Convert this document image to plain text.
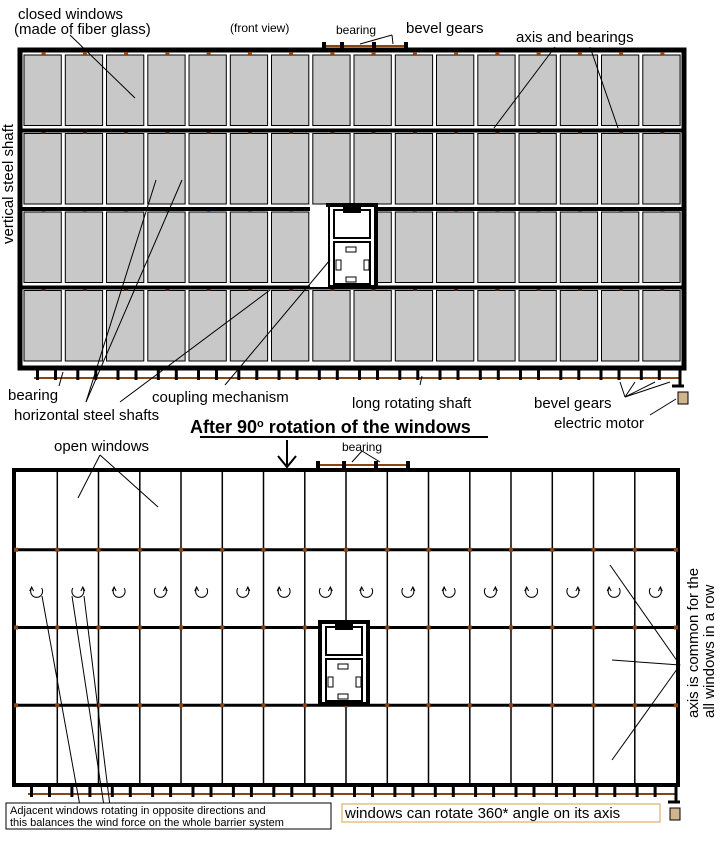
closed windows
(made of fiber glass)	(front view)	bearing bevel gears
axis and bearings
vertical steel shaft
bearing
horizontal steel shafts
coupling mechanism	long rotating shaft	bevel gears
electric motor
After 90$^o$ rotation of the windows
open windows	bearing
axis is common for the all windows in a row
Adjacent windows rotating in opposite directions and
this balances the wind force on the whole barrier system
windows can rotate 360* angle on its axis
